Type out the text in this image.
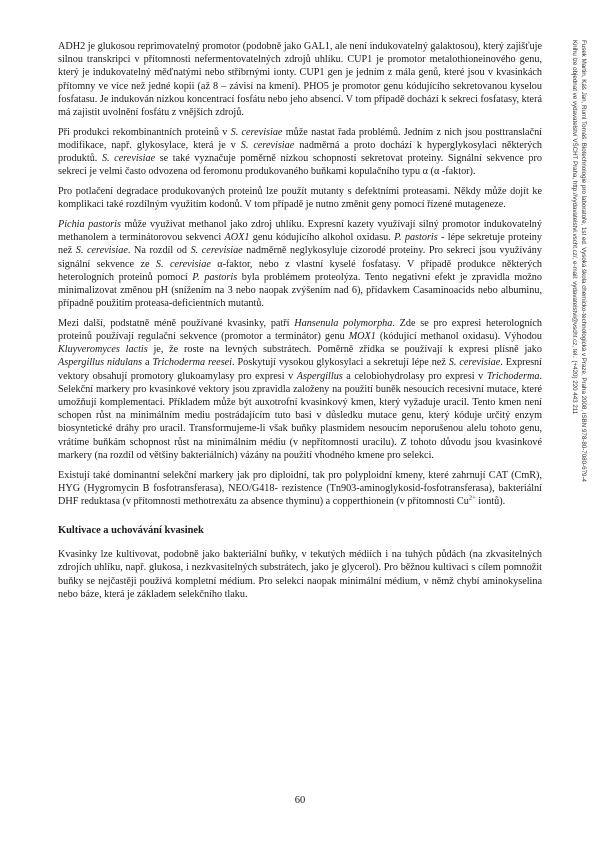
ADH2 je glukosou reprimovatelný promotor (podobně jako GAL1, ale není indukovatelný galaktosou), který zajišťuje silnou transkripci v přítomnosti nefermentovatelných zdrojů uhlíku. CUP1 je promotor metalothioneinového genu, který je indukovatelný měďnatými nebo stříbrnými ionty. CUP1 gen je jedním z mála genů, které jsou v kvasinkách přítomny ve více než jedné kopii (až 8 – závisí na kmeni). PHO5 je promotor genu kódujícího sekretovanou kyselou fosfatasu. Je indukován nízkou koncentrací fosfátu nebo jeho absencí. V tom případě dochází k sekreci fosfatasy, která má zajistit uvolnění fosfátu z vnějších zdrojů.

Při produkci rekombinantních proteinů v S. cerevisiae může nastat řada problémů. Jedním z nich jsou posttranslační modifikace, např. glykosylace, která je v S. cerevisiae nadměrná a proto dochází k hyperglykosylaci některých produktů. S. cerevisiae se také vyznačuje poměrně nízkou schopností sekretovat proteiny. Signální sekvence pro sekreci je velmi často odvozena od feromonu produkovaného buňkami kopulačního typu α (α -faktor).

Pro potlačení degradace produkovaných proteinů lze použít mutanty s defektními proteasami. Někdy může dojít ke komplikaci také rozdílným využitím kodonů. V tom případě je nutno změnit geny pomocí řízené mutageneze.

Pichia pastoris může využívat methanol jako zdroj uhlíku. Expresní kazety využívají silný promotor indukovatelný methanolem a terminátorovou sekvenci AOX1 genu kódujícího alkohol oxidasu. P. pastoris - lépe sekretuje proteiny než S. cerevisiae. Na rozdíl od S. cerevisiae nadměrně neglykosyluje cizorodé proteiny. Pro sekreci jsou využívány signální sekvence ze S. cerevisiae α-faktor, nebo z vlastní kyselé fosfatasy. V případě produkce některých heterologních proteinů pomocí P. pastoris byla problémem proteolýza. Tento negativní efekt je zpravidla možno minimalizovat změnou pH (snížením na 3 nebo naopak zvýšením nad 6), přídavkem Casaminoacids nebo albuminu, případně použitím proteasa-deficientních mutantů.

Mezi další, podstatně méně používané kvasinky, patří Hansenula polymorpha. Zde se pro expresi heterologních proteinů používají regulační sekvence (promotor a terminátor) genu MOX1 (kódující methanol oxidasu). Výhodou Kluyveromyces lactis je, že roste na levných substrátech. Poměrně zřídka se používají k expresi plísně jako Aspergillus nidulans a Trichoderma reesei. Poskytují vysokou glykosylaci a sekretují lépe než S. cerevisiae. Expresní vektory obsahují promotory glukoamylasy pro expresi v Aspergillus a celobiohydrolasy pro expresi v Trichoderma. Selekční markery pro kvasinkové vektory jsou zpravidla založeny na použití buněk nesoucích recesivní mutace, které umožňují komplementaci. Příkladem může být auxotrofní kvasinkový kmen, který vyžaduje uracil. Tento kmen není schopen růst na minimálním mediu postrádajícím tuto basi v důsledku mutace genu, který kóduje určitý enzym biosyntetické dráhy pro uracil. Transformujeme-li však buňky plasmidem nesoucím neporušenou alelu tohoto genu, vrátíme buňkám schopnost růst na minimálním médiu (v nepřítomnosti uracilu). Z tohoto důvodu jsou kvasinkové markery (na rozdíl od většiny bakteriálních) vázány na použití vhodného kmene pro selekci.

Existují také dominantní selekční markery jak pro diploidní, tak pro polyploidní kmeny, které zahrnují CAT (CmR), HYG (Hygromycin B fosfotransferasa), NEO/G418- rezistence (Tn903-aminoglykosid-fosfotransferasa), bakteriální DHF reduktasa (v přítomnosti methotrexátu za absence thyminu) a copperthionein (v přítomnosti $Cu^{2+}$ iontů).

Kultivace a uchovávání kvasinek

Kvasinky lze kultivovat, podobně jako bakteriální buňky, v tekutých médiích i na tuhých půdách (na zkvasitelných zdrojích uhlíku, např. glukosa, i nezkvasitelných substrátech, jako je glycerol). Pro běžnou kultivaci s cílem pomnožit buňky se nejčastěji používá kompletní médium. Pro selekci naopak minimální médium, v němž chybí aminokyselina nebo báze, která je základem selekčního tlaku.

60
Fusek Martin, Káš Jan, Ruml Tomáš: Biotechnologie pro laboratoře, 1st ed. Vysoká škola chemicko-technologická v Praze, Praha 2008, ISBN 978-80-7080-679-4
Knihu lze objednat ve vydavatelství VŠCHT Praha, http://vydavatelstvi.vscht.cz/, e-mail: vydavatelstvi@vscht.cz, tel.: (+420) 220 443 211
